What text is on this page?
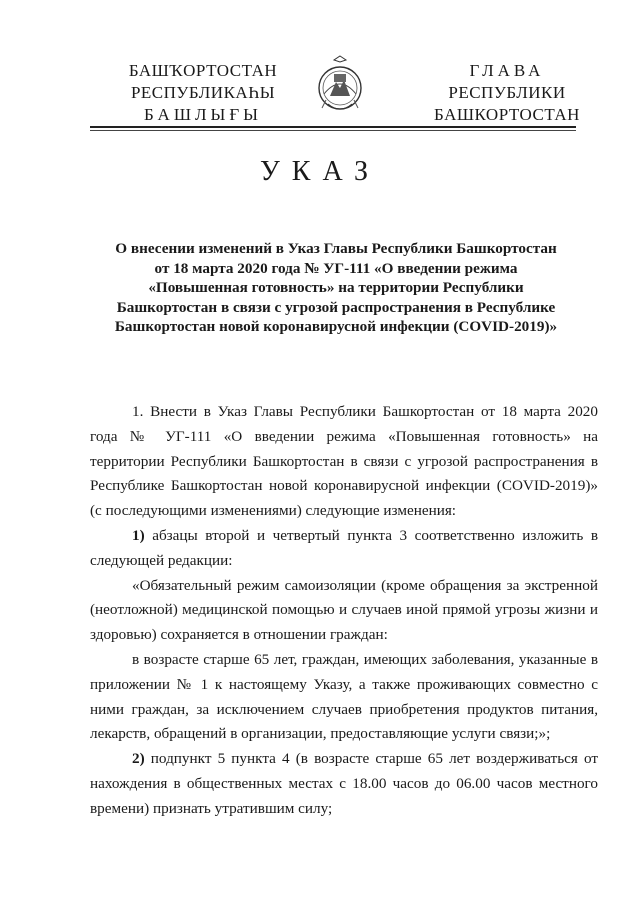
БАШҠОРТОСТАН
РЕСПУБЛИКАҺЫ
БАШЛЫҒЫ
ГЛАВА
РЕСПУБЛИКИ
БАШКОРТОСТАН
УКАЗ
О внесении изменений в Указ Главы Республики Башкортостан от 18 марта 2020 года № УГ-111 «О введении режима «Повышенная готовность» на территории Республики Башкортостан в связи с угрозой распространения в Республике Башкортостан новой коронавирусной инфекции (COVID-2019)»

1. Внести в Указ Главы Республики Башкортостан от 18 марта 2020 года № УГ-111 «О введении режима «Повышенная готовность» на территории Республики Башкортостан в связи с угрозой распространения в Республике Башкортостан новой коронавирусной инфекции (COVID-2019)» (с последующими изменениями) следующие изменения:

1) абзацы второй и четвертый пункта 3 соответственно изложить в следующей редакции:

«Обязательный режим самоизоляции (кроме обращения за экстренной (неотложной) медицинской помощью и случаев иной прямой угрозы жизни и здоровью) сохраняется в отношении граждан:

в возрасте старше 65 лет, граждан, имеющих заболевания, указанные в приложении № 1 к настоящему Указу, а также проживающих совместно с ними граждан, за исключением случаев приобретения продуктов питания, лекарств, обращений в организации, предоставляющие услуги связи;»;

2) подпункт 5 пункта 4 (в возрасте старше 65 лет воздерживаться от нахождения в общественных местах с 18.00 часов до 06.00 часов местного времени) признать утратившим силу;
